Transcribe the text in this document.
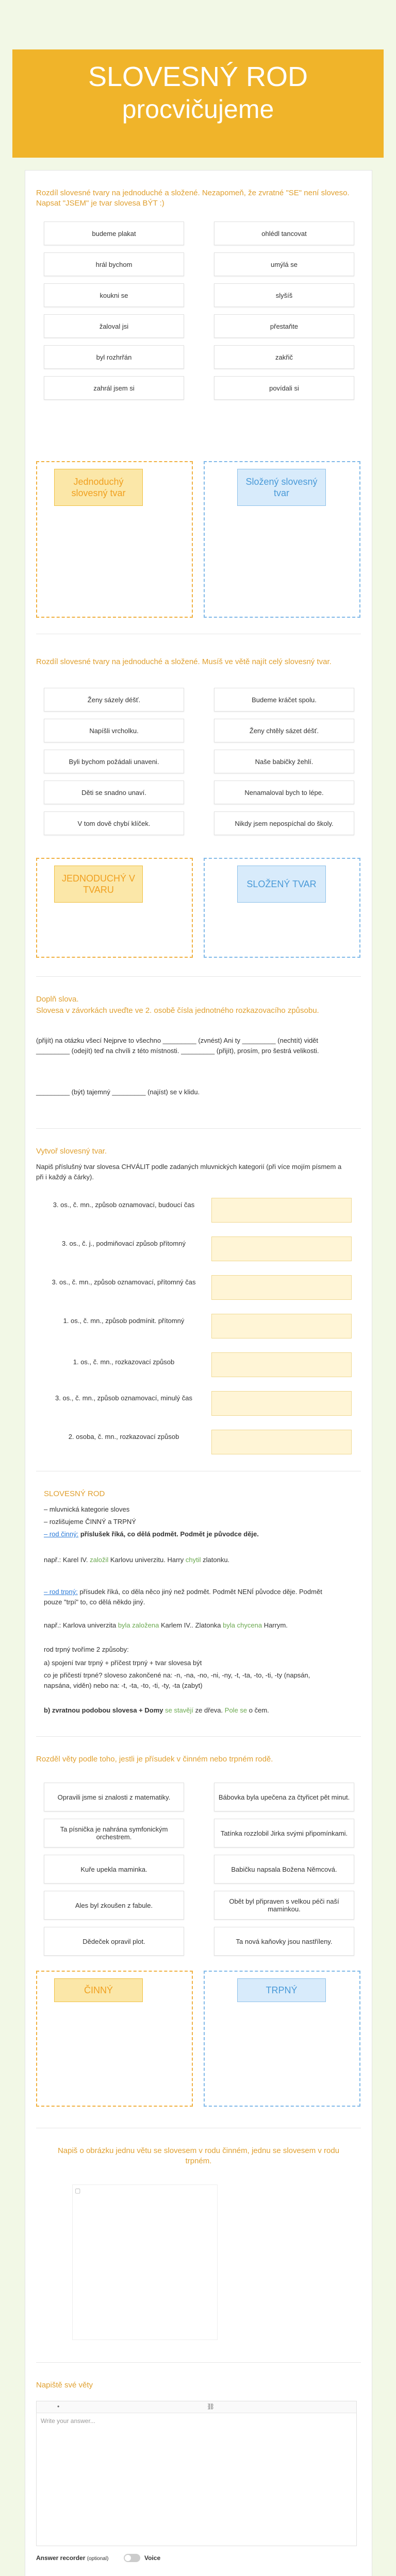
SLOVESNÝ ROD
procvičujeme
Rozdíl slovesné tvary na jednoduché a složené. Nezapomeň, že zvratné "SE" není sloveso. Napsat "JSEM" je tvar slovesa BÝT :)
budeme plakat	ohlédl tancovat
hrál bychom	umýlá se
koukni se	slyšíš
žaloval jsi	přestaňte
byl rozhrřán	zakřič
zahrál jsem si	povídali si
Jednoduchý slovesný tvar
Složený slovesný tvar
Rozdíl slovesné tvary na jednoduché a složené. Musíš ve větě najít celý slovesný tvar.
Ženy sázely déšť.	Budeme kráčet spolu.
Napíšli vrcholku.	Ženy chtěly sázet déšť.
Byli bychom požádali unaveni.	Naše babičky žehlí.
Děti se snadno unaví.	Nenamaloval bych to lépe.
V tom dově chybí klíček.	Nikdy jsem nepospíchal do školy.
JEDNODUCHÝ V TVARU
SLOŽENÝ TVAR
Doplň slova.
Slovesa v závorkách uveďte ve 2. osobě čísla jednotného rozkazovacího způsobu.
(přijít) na otázku všecí Nejprve to všechno _________ (zvnést) Ani ty _________ (nechtít) vidět _________ (odejít) teď na chvíli z této místnosti. _________ (přijít), prosím, pro šestrá velikosti.
_________ (být) tajemný _________ (najíst) se v klidu.
Vytvoř slovesný tvar.
Napiš příslušný tvar slovesa CHVÁLIT podle zadaných mluvnických kategorií (při více mojím písmem a při i každý a čárky).
3. os., č. mn., způsob oznamovací, budoucí čas
3. os., č. j., podmiňovací způsob přítomný
3. os., č. mn., způsob oznamovací, přítomný čas
1. os., č. mn., způsob podmínit. přítomný
1. os., č. mn., rozkazovací způsob
3. os., č. mn., způsob oznamovací, minulý čas
2. osoba, č. mn., rozkazovací způsob
SLOVESNÝ ROD
– mluvnická kategorie sloves
– rozlišujeme ČINNÝ a TRPNÝ
– rod činný: příslušek říká, co dělá podmět. Podmět je původce děje.
např.: Karel IV. založil Karlovu univerzitu. Harry chytil zlatonku.
– rod trpný: přísudek říká, co děla něco jiný než podmět. Podmět NENÍ původce děje. Podmět pouze "trpí" to, co dělá někdo jiný.
např.: Karlova univerzita byla založena Karlem IV.. Zlatonka byla chycena Harrym.
rod trpný tvoříme 2 způsoby:
a) spojení tvar trpný + příčest trpný + tvar slovesa být
co je přičestí trpné? sloveso zakončené na: -n, -na, -no, -ni, -ny, -t, -ta, -to, -ti, -ty (napsán, napsána, viděn) nebo na: -t, -ta, -to, -ti, -ty, -ta (zabyt)
b) zvratnou podobou slovesa + Domy se stavějí ze dřeva. Pole se o čem.
Rozděl věty podle toho, jestli je přísudek v činném nebo trpném rodě.
Opravili jsme si znalosti z matematiky.	Bábovka byla upečena za čtyřicet pět minut.
Ta písnička je nahrána symfonickým orchestrem.	Tatínka rozzlobil Jirka svými připomínkami.
Kuře upekla maminka.	Babičku napsala Božena Němcová.
Ales byl zkoušen z fabule.	Obět byl připraven s velkou péči naší maminkou.
Dědeček opravil plot.	Ta nová kaňovky jsou nastříleny.
ČINNÝ	TRPNÝ
Napiš o obrázku jednu větu se slovesem v rodu činném, jednu se slovesem v rodu trpném.
▢
Napiště své věty
•	⛓
Write your answer...
Answer recorder (optional)	Voice
